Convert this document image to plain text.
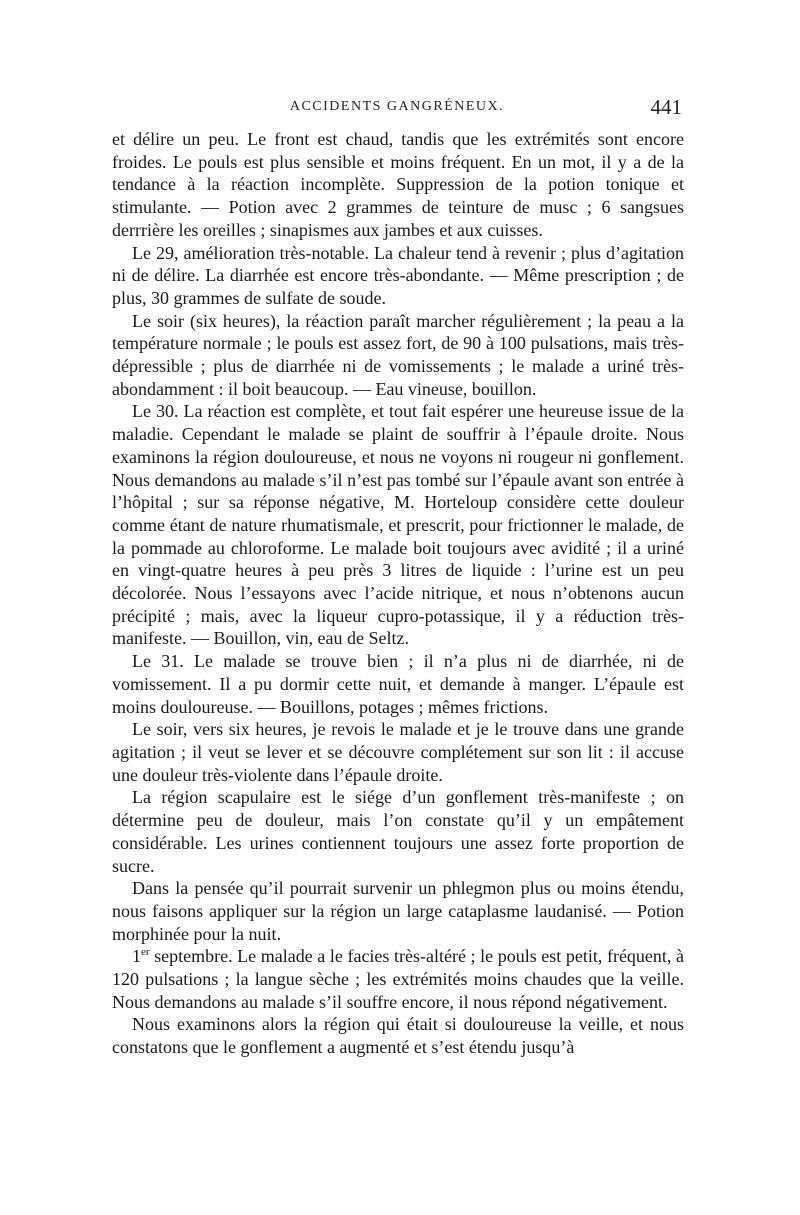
ACCIDENTS GANGRÉNEUX.	441

et délire un peu. Le front est chaud, tandis que les extrémités sont encore froides. Le pouls est plus sensible et moins fréquent. En un mot, il y a de la tendance à la réaction incomplète. Suppression de la potion tonique et stimulante. — Potion avec 2 grammes de teinture de musc ; 6 sangsues derrrière les oreilles ; sinapismes aux jambes et aux cuisses.

Le 29, amélioration très-notable. La chaleur tend à revenir ; plus d’agitation ni de délire. La diarrhée est encore très-abondante. — Même prescription ; de plus, 30 grammes de sulfate de soude.

Le soir (six heures), la réaction paraît marcher régulièrement ; la peau a la température normale ; le pouls est assez fort, de 90 à 100 pulsations, mais très-dépressible ; plus de diarrhée ni de vomissements ; le malade a uriné très-abondamment : il boit beaucoup. — Eau vineuse, bouillon.

Le 30. La réaction est complète, et tout fait espérer une heureuse issue de la maladie. Cependant le malade se plaint de souffrir à l’épaule droite. Nous examinons la région douloureuse, et nous ne voyons ni rougeur ni gonflement. Nous demandons au malade s’il n’est pas tombé sur l’épaule avant son entrée à l’hôpital ; sur sa réponse négative, M. Horteloup considère cette douleur comme étant de nature rhumatismale, et prescrit, pour frictionner le malade, de la pommade au chloroforme. Le malade boit toujours avec avidité ; il a uriné en vingt-quatre heures à peu près 3 litres de liquide : l’urine est un peu décolorée. Nous l’essayons avec l’acide nitrique, et nous n’obtenons aucun précipité ; mais, avec la liqueur cupro-potassique, il y a réduction très-manifeste. — Bouillon, vin, eau de Seltz.

Le 31. Le malade se trouve bien ; il n’a plus ni de diarrhée, ni de vomissement. Il a pu dormir cette nuit, et demande à manger. L’épaule est moins douloureuse. — Bouillons, potages ; mêmes frictions.

Le soir, vers six heures, je revois le malade et je le trouve dans une grande agitation ; il veut se lever et se découvre complétement sur son lit : il accuse une douleur très-violente dans l’épaule droite.

La région scapulaire est le siége d’un gonflement très-manifeste ; on détermine peu de douleur, mais l’on constate qu’il y un empâtement considérable. Les urines contiennent toujours une assez forte proportion de sucre.

Dans la pensée qu’il pourrait survenir un phlegmon plus ou moins étendu, nous faisons appliquer sur la région un large cataplasme laudanisé. — Potion morphinée pour la nuit.

1er septembre. Le malade a le facies très-altéré ; le pouls est petit, fréquent, à 120 pulsations ; la langue sèche ; les extrémités moins chaudes que la veille. Nous demandons au malade s’il souffre encore, il nous répond négativement.

Nous examinons alors la région qui était si douloureuse la veille, et nous constatons que le gonflement a augmenté et s’est étendu jusqu’à
